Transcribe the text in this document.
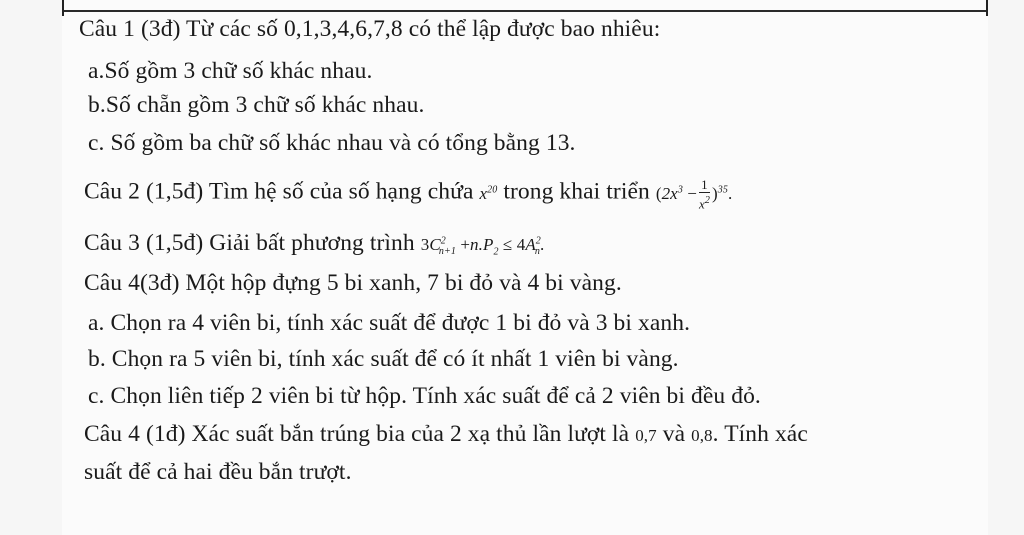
Câu 1 (3đ) Từ các số 0,1,3,4,6,7,8 có thể lập được bao nhiêu:
a.Số gồm 3 chữ số khác nhau.
b.Số chẵn gồm 3 chữ số khác nhau.
c. Số gồm ba chữ số khác nhau và có tổng bằng 13.
Câu 2 (1,5đ) Tìm hệ số của số hạng chứa $x^{20}$ trong khai triển $(2x^3 - \frac{1}{x^2} )^{35}$.
Câu 3 (1,5đ) Giải bất phương trình $3C^2_{n+1} +n.P_2 \le 4A^2_n$.
Câu 4(3đ) Một hộp đựng 5 bi xanh, 7 bi đỏ và 4 bi vàng.
a. Chọn ra 4 viên bi, tính xác suất để được 1 bi đỏ và 3 bi xanh.
b. Chọn ra 5 viên bi, tính xác suất để có ít nhất 1 viên bi vàng.
c. Chọn liên tiếp 2 viên bi từ hộp. Tính xác suất để cả 2 viên bi đều đỏ.
Câu 4 (1đ) Xác suất bắn trúng bia của 2 xạ thủ lần lượt là 0,7 và 0,8. Tính xác
suất để cả hai đều bắn trượt.
